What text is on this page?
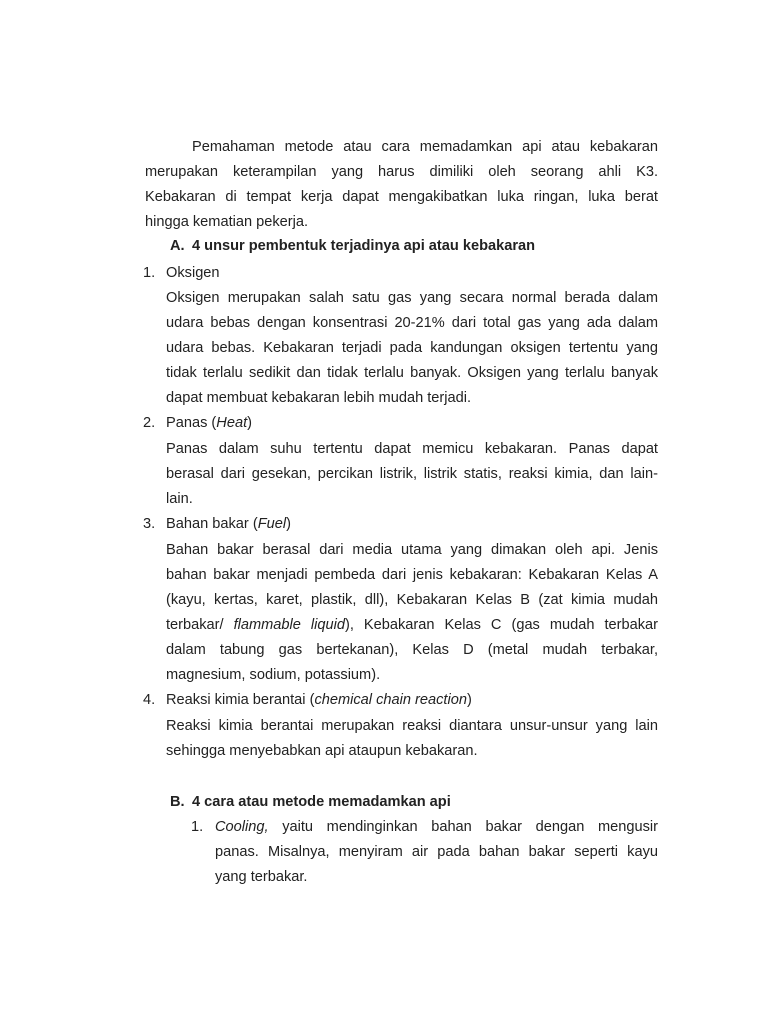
Pemahaman metode atau cara memadamkan api atau kebakaran
merupakan keterampilan yang harus dimiliki oleh seorang ahli K3.
Kebakaran di tempat kerja dapat mengakibatkan luka ringan, luka berat
hingga kematian pekerja.
A. 4 unsur pembentuk terjadinya api atau kebakaran
1. Oksigen
Oksigen merupakan salah satu gas yang secara normal berada dalam
udara bebas dengan konsentrasi 20-21% dari total gas yang ada dalam
udara bebas. Kebakaran terjadi pada kandungan oksigen tertentu yang
tidak terlalu sedikit dan tidak terlalu banyak. Oksigen yang terlalu banyak
dapat membuat kebakaran lebih mudah terjadi.
2. Panas (Heat)
Panas dalam suhu tertentu dapat memicu kebakaran. Panas dapat
berasal dari gesekan, percikan listrik, listrik statis, reaksi kimia, dan lain-
lain.
3. Bahan bakar (Fuel)
Bahan bakar berasal dari media utama yang dimakan oleh api. Jenis
bahan bakar menjadi pembeda dari jenis kebakaran: Kebakaran Kelas A
(kayu, kertas, karet, plastik, dll), Kebakaran Kelas B (zat kimia mudah
terbakar/ flammable liquid), Kebakaran Kelas C (gas mudah terbakar
dalam tabung gas bertekanan), Kelas D (metal mudah terbakar,
magnesium, sodium, potassium).
4. Reaksi kimia berantai (chemical chain reaction)
Reaksi kimia berantai merupakan reaksi diantara unsur-unsur yang lain
sehingga menyebabkan api ataupun kebakaran.
B. 4 cara atau metode memadamkan api
1. Cooling, yaitu mendinginkan bahan bakar dengan mengusir
panas. Misalnya, menyiram air pada bahan bakar seperti kayu
yang terbakar.
